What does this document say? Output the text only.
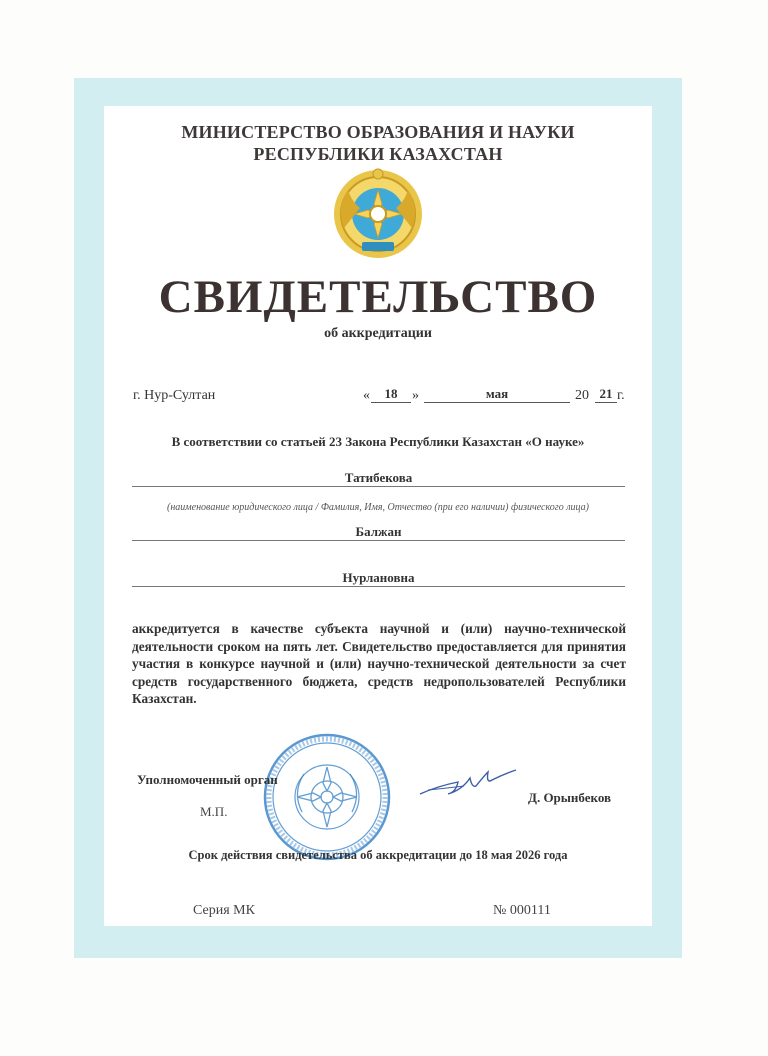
МИНИСТЕРСТВО ОБРАЗОВАНИЯ И НАУКИ
РЕСПУБЛИКИ КАЗАХСТАН
СВИДЕТЕЛЬСТВО
об аккредитации
г. Нур-Султан	«	18	»	мая	20 21 г.
В соответствии со статьей 23 Закона Республики Казахстан «О науке»
Татибекова
(наименование юридического лица / Фамилия, Имя, Отчество (при его наличии) физического лица)
Балжан
Нурлановна
аккредитуется в качестве субъекта научной и (или) научно-технической деятельности сроком на пять лет. Свидетельство предоставляется для принятия участия в конкурсе научной и (или) научно-технической деятельности за счет средств государственного бюджета, средств недропользователей Республики Казахстан.
Уполномоченный орган
М.П.
Д. Орынбеков
Срок действия свидетельства об аккредитации до 18 мая 2026 года
Серия МК	№ 000111
